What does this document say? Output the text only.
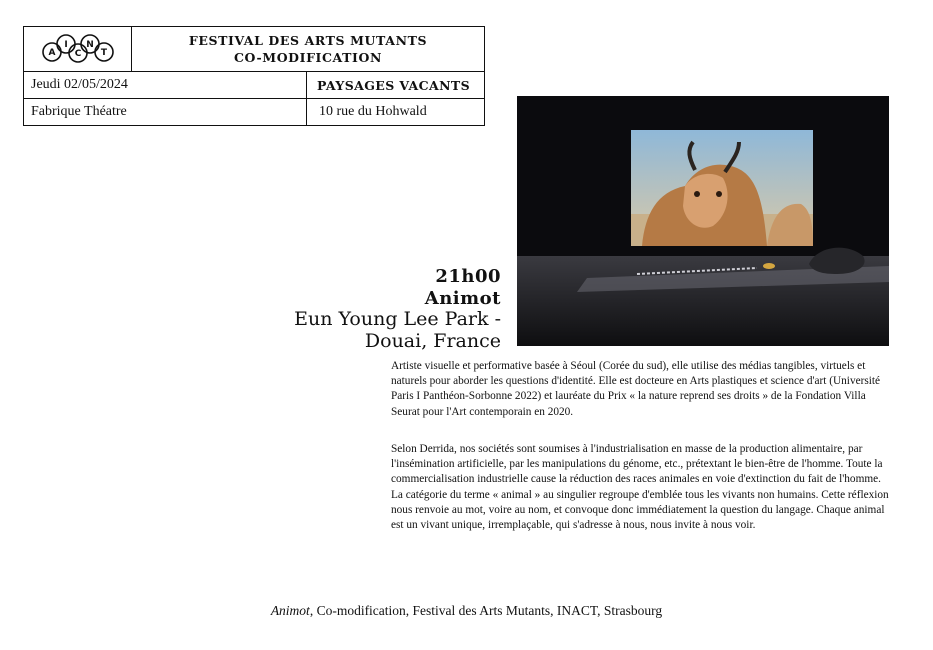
I N
A C T
FESTIVAL DES ARTS MUTANTS
CO-MODIFICATION
Jeudi 02/05/2024	PAYSAGES VACANTS
Fabrique Théatre	10 rue du Hohwald
21h00
Animot
Eun Young Lee Park -
Douai, France
Artiste visuelle et performative basée à Séoul (Corée du sud), elle utilise des médias tangibles, virtuels et naturels pour aborder les questions d'identité. Elle est docteure en Arts plastiques et science d'art (Université Paris I Panthéon-Sorbonne 2022) et lauréate du Prix « la nature reprend ses droits » de la Fondation Villa Seurat pour l'Art contemporain en 2020.
Selon Derrida, nos sociétés sont soumises à l'industrialisation en masse de la production alimentaire, par l'insémination artificielle, par les manipulations du génome, etc., prétextant le bien-être de l'homme. Toute la commercialisation industrielle cause la réduction des races animales en voie d'extinction du fait de l'homme. La catégorie du terme « animal » au singulier regroupe d'emblée tous les vivants non humains. Cette réflexion nous renvoie au mot, voire au nom, et convoque donc immédiatement la question du langage. Chaque animal est un vivant unique, irremplaçable, qui s'adresse à nous, nous invite à nous voir.
Animot, Co-modification, Festival des Arts Mutants, INACT, Strasbourg
